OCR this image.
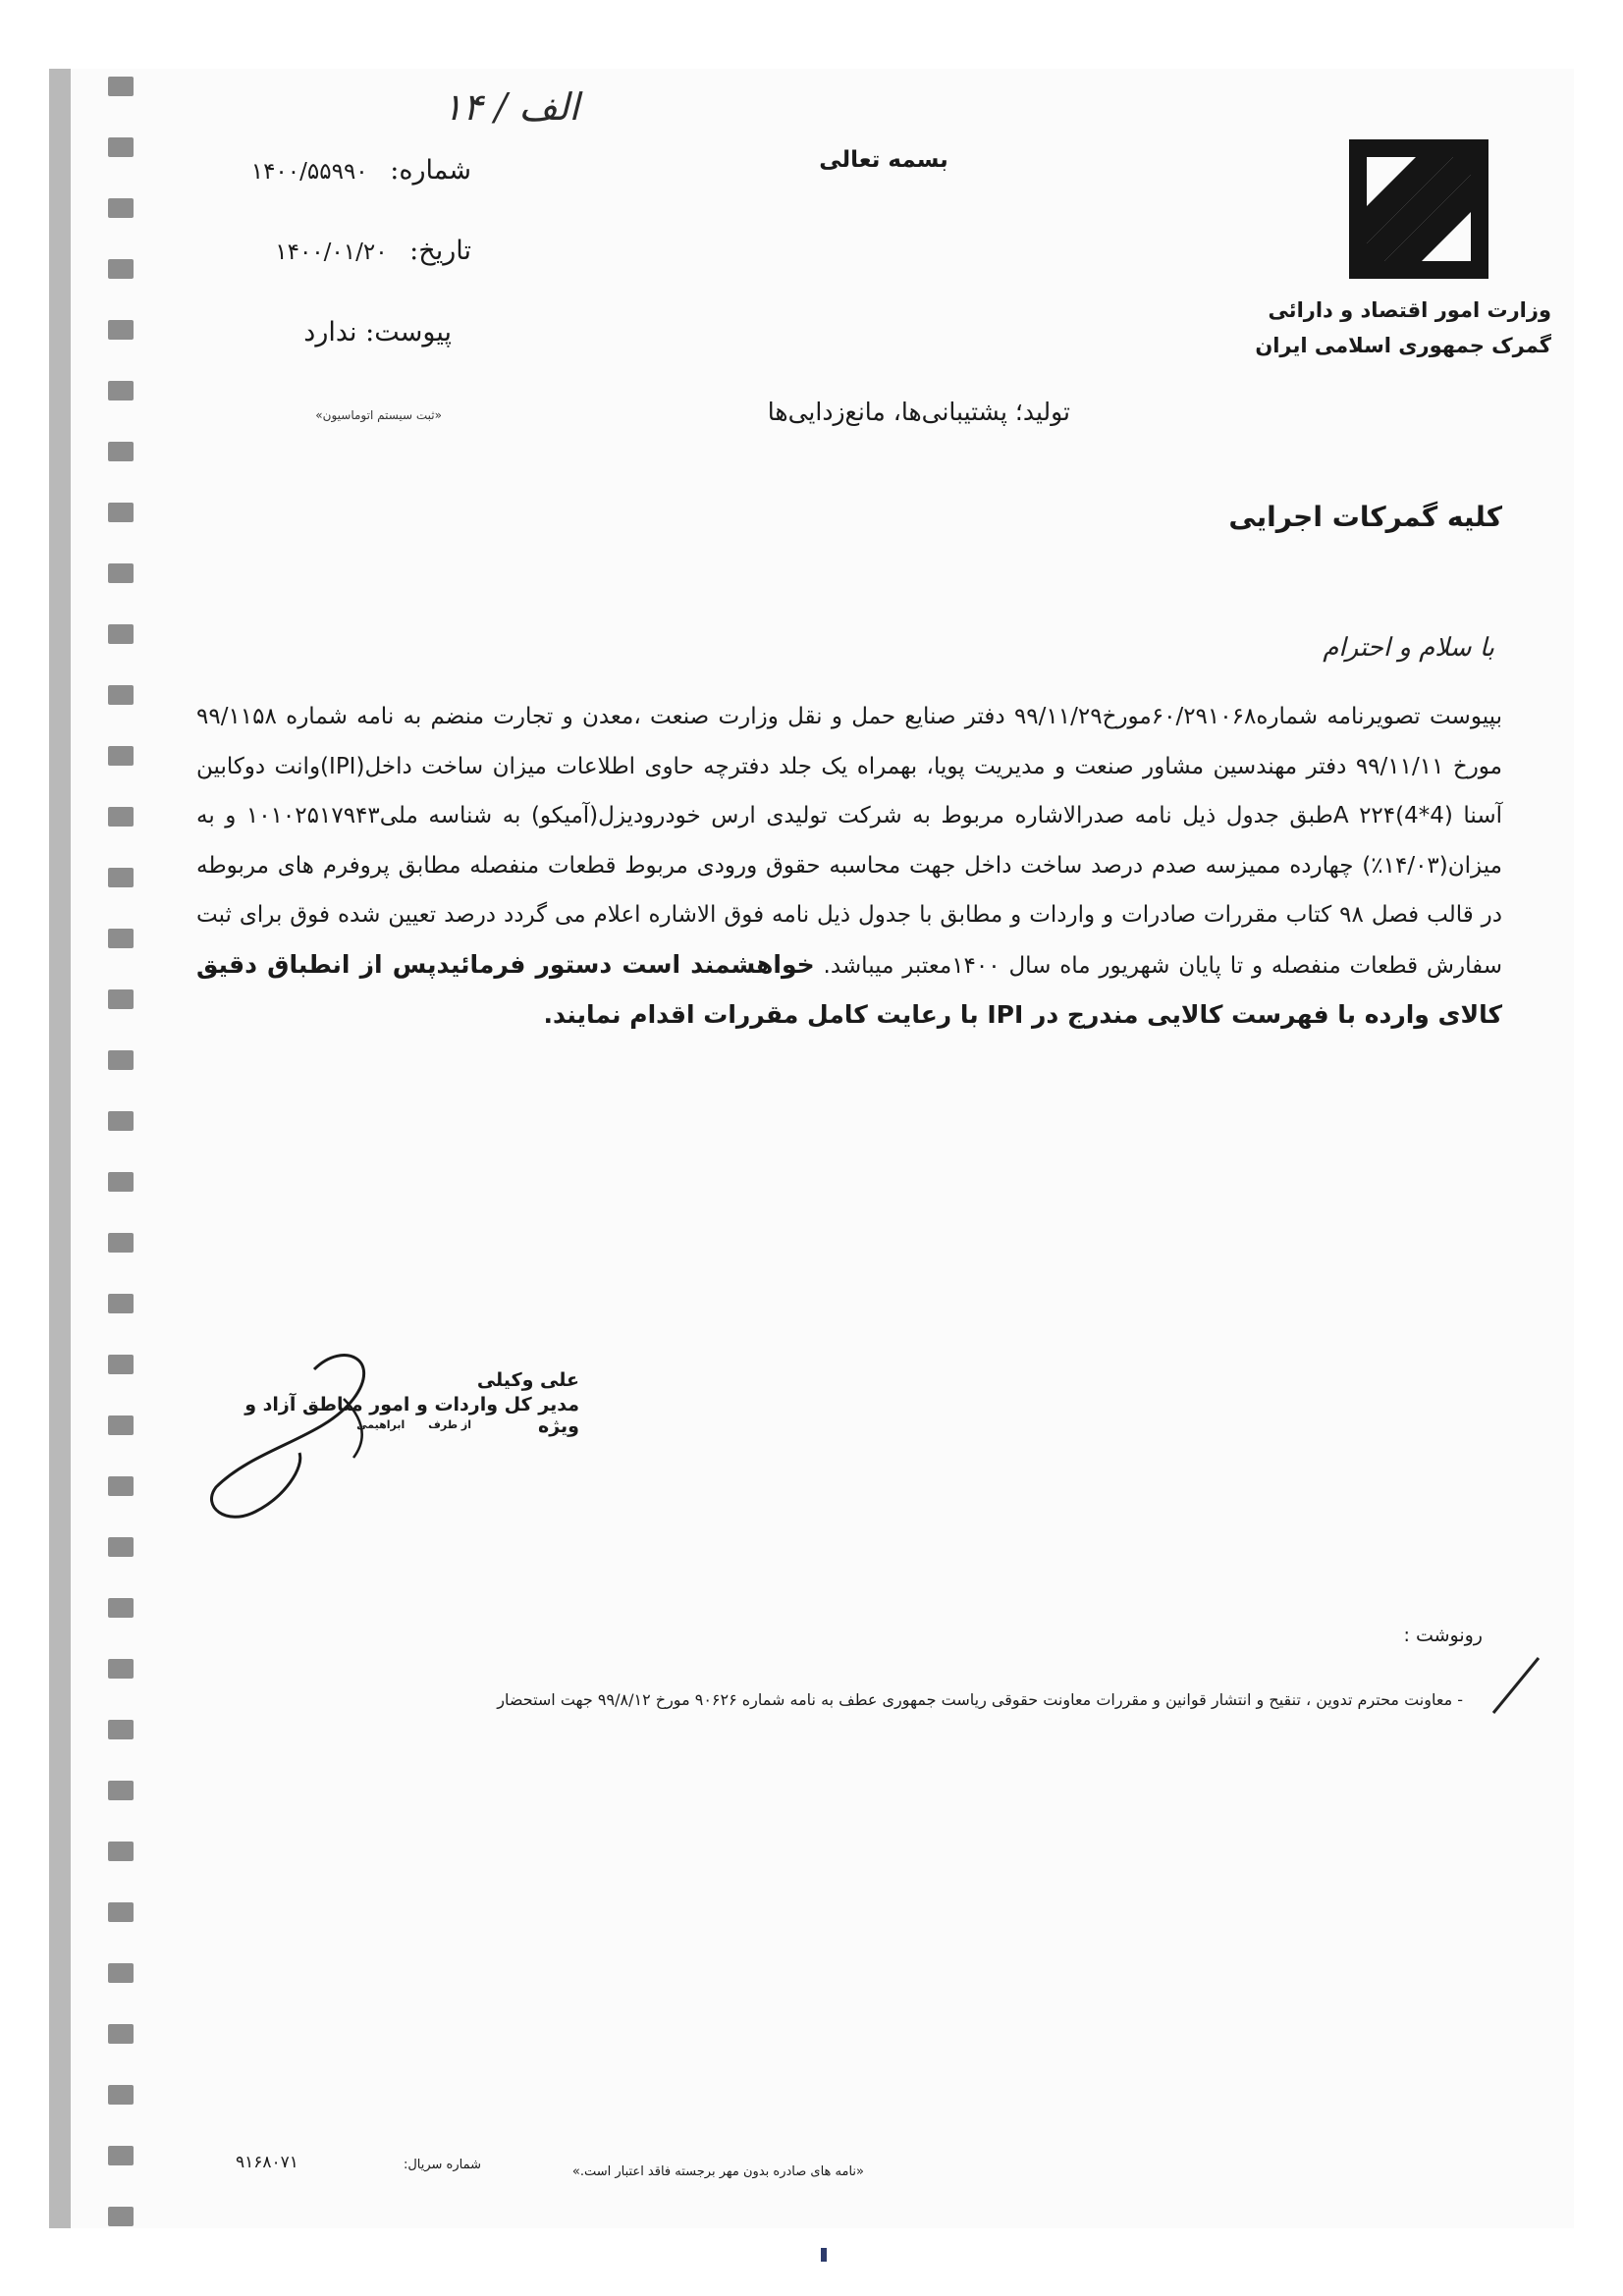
۱۴ / الف
شماره: ۱۴۰۰/۵۵۹۹۰
تاریخ: ۱۴۰۰/۰۱/۲۰
پیوست: ندارد
«ثبت سیستم اتوماسیون»
بسمه تعالی
تولید؛ پشتیبانی‌ها، مانع‌زدایی‌ها
وزارت امور اقتصاد و دارائی
گمرک جمهوری اسلامی ایران
کلیه گمرکات اجرایی
با سلام و احترام
بپیوست تصویرنامه شماره۶۰/۲۹۱۰۶۸مورخ۹۹/۱۱/۲۹ دفتر صنایع حمل و نقل وزارت صنعت ،معدن و تجارت منضم به نامه شماره ۹۹/۱۱۵۸ مورخ ۹۹/۱۱/۱۱ دفتر مهندسین مشاور صنعت و مدیریت پویا، بهمراه یک جلد دفترچه حاوی اطلاعات میزان ساخت داخل(IPI)وانت دوکابین آسنا (4*4)A ۲۲۴طبق جدول ذیل نامه صدرالاشاره مربوط به شرکت تولیدی ارس خودرودیزل(آمیکو) به شناسه ملی۱۰۱۰۲۵۱۷۹۴۳ و به میزان(۱۴/۰۳٪) چهارده ممیزسه صدم درصد ساخت داخل جهت محاسبه حقوق ورودی مربوط قطعات منفصله مطابق پروفرم های مربوطه در قالب فصل ۹۸ کتاب مقررات صادرات و واردات و مطابق با جدول ذیل نامه فوق الاشاره اعلام می گردد درصد تعیین شده فوق برای ثبت سفارش قطعات منفصله و تا پایان شهریور ماه سال ۱۴۰۰معتبر میباشد. خواهشمند است دستور فرمائیدپس از انطباق دقیق کالای وارده با فهرست کالایی مندرج در IPI با رعایت کامل مقررات اقدام نمایند.
علی وکیلی
مدیر کل واردات و امور مناطق آزاد و ویژه
از طرف ابراهیمی
رونوشت :
- معاونت محترم تدوین ، تنقیح و انتشار قوانین و مقررات معاونت حقوقی ریاست جمهوری عطف به نامه شماره ۹۰۶۲۶ مورخ ۹۹/۸/۱۲ جهت استحضار
«نامه های صادره بدون مهر برجسته فاقد اعتبار است.»
شماره سریال:
۹۱۶۸۰۷۱
